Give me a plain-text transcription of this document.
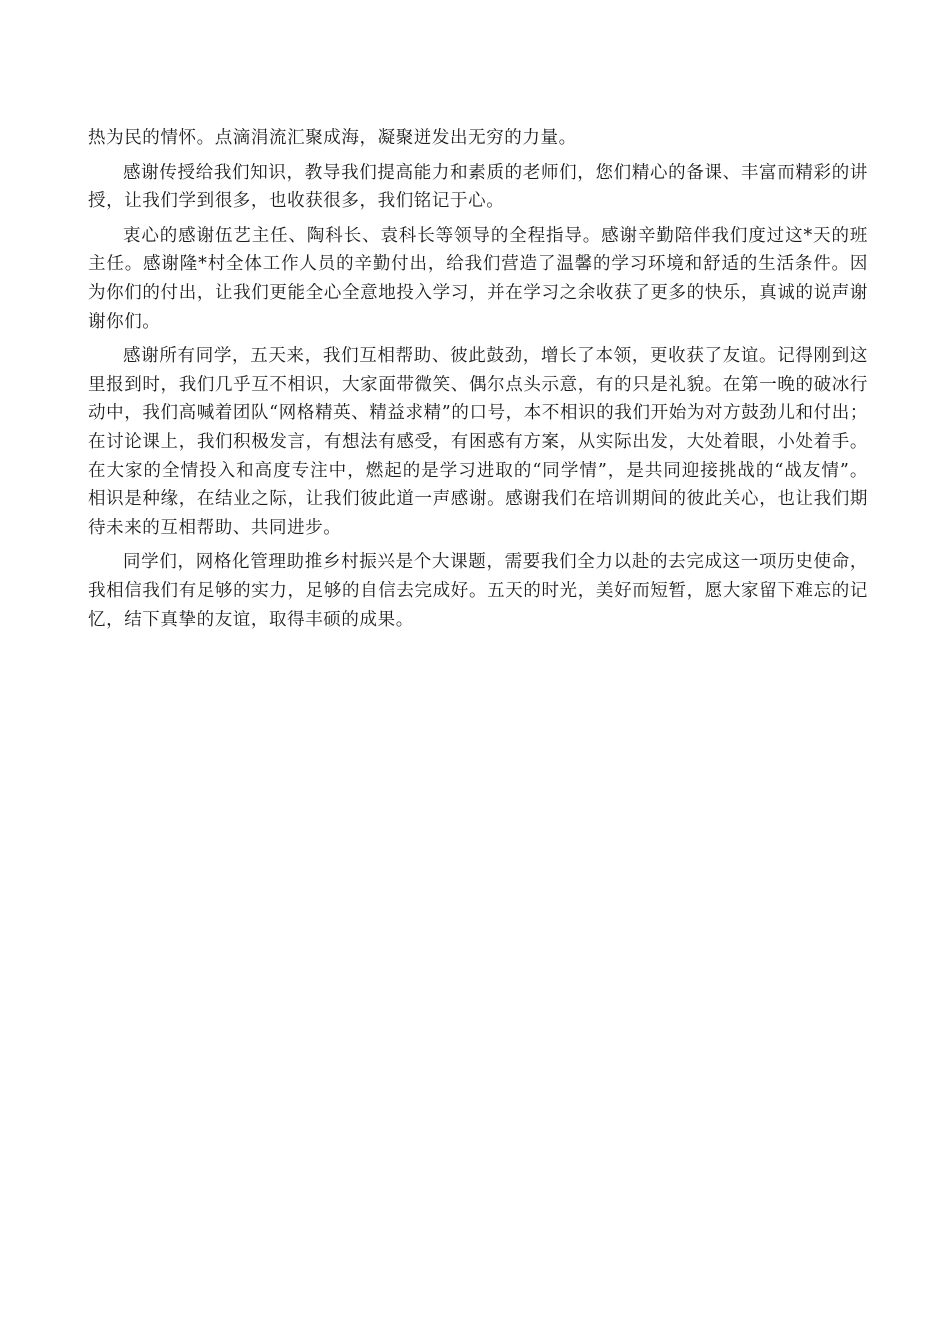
热为民的情怀。点滴涓流汇聚成海，凝聚迸发出无穷的力量。

感谢传授给我们知识，教导我们提高能力和素质的老师们，您们精心的备课、丰富而精彩的讲授，让我们学到很多，也收获很多，我们铭记于心。

衷心的感谢伍艺主任、陶科长、袁科长等领导的全程指导。感谢辛勤陪伴我们度过这*天的班主任。感谢隆*村全体工作人员的辛勤付出，给我们营造了温馨的学习环境和舒适的生活条件。因为你们的付出，让我们更能全心全意地投入学习，并在学习之余收获了更多的快乐，真诚的说声谢谢你们。

感谢所有同学，五天来，我们互相帮助、彼此鼓劲，增长了本领，更收获了友谊。记得刚到这里报到时，我们几乎互不相识，大家面带微笑、偶尔点头示意，有的只是礼貌。在第一晚的破冰行动中，我们高喊着团队“网格精英、精益求精”的口号，本不相识的我们开始为对方鼓劲儿和付出；在讨论课上，我们积极发言，有想法有感受，有困惑有方案，从实际出发，大处着眼，小处着手。在大家的全情投入和高度专注中，燃起的是学习进取的“同学情”，是共同迎接挑战的“战友情”。相识是种缘，在结业之际，让我们彼此道一声感谢。感谢我们在培训期间的彼此关心，也让我们期待未来的互相帮助、共同进步。

同学们，网格化管理助推乡村振兴是个大课题，需要我们全力以赴的去完成这一项历史使命，我相信我们有足够的实力，足够的自信去完成好。五天的时光，美好而短暂，愿大家留下难忘的记忆，结下真挚的友谊，取得丰硕的成果。
